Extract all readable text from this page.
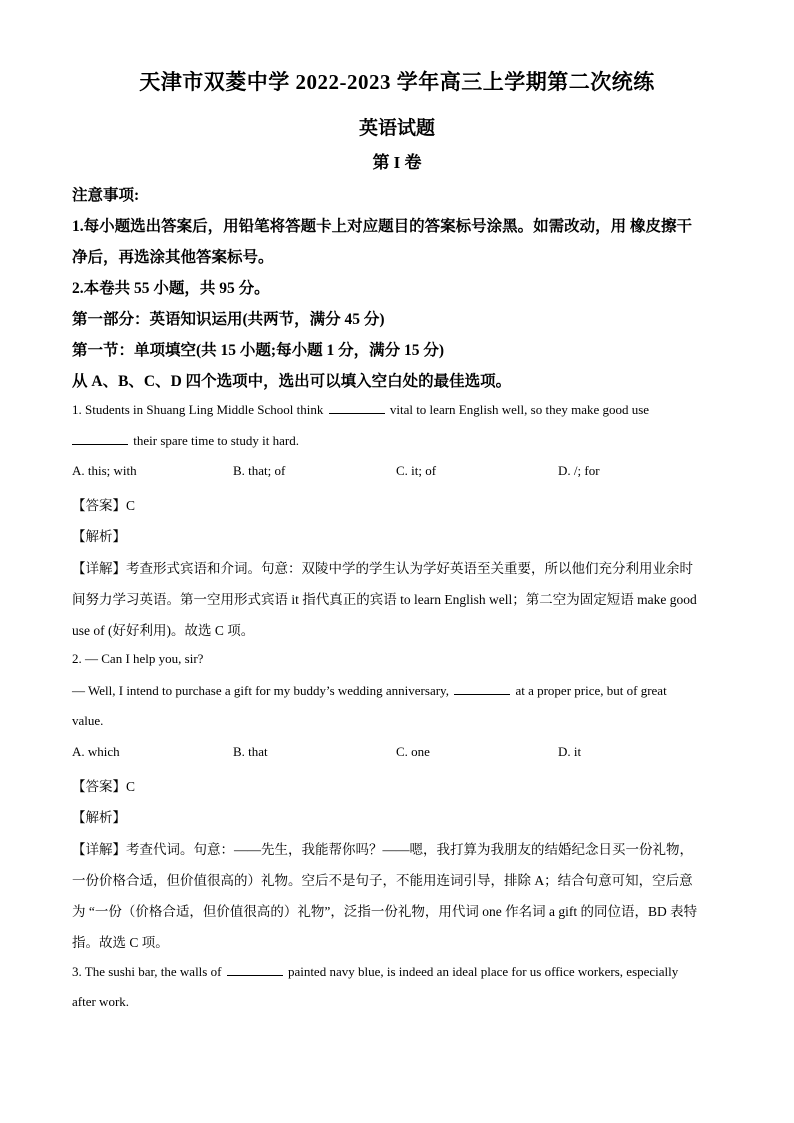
天津市双菱中学 2022-2023 学年高三上学期第二次统练
英语试题
第 I 卷
注意事项:
1.每小题选出答案后，用铅笔将答题卡上对应题目的答案标号涂黑。如需改动，用 橡皮擦干
净后，再选涂其他答案标号。
2.本卷共 55 小题，共 95 分。
第一部分：英语知识运用(共两节，满分 45 分)
第一节：单项填空(共 15 小题;每小题 1 分，满分 15 分)
从 A、B、C、D 四个选项中，选出可以填入空白处的最佳选项。
1. Students in Shuang Ling Middle School think	vital to learn English well, so they make good use
their spare time to study it hard.
A. this; with	B. that; of	C. it; of	D. /; for
【答案】C
【解析】
【详解】考查形式宾语和介词。句意：双陵中学的学生认为学好英语至关重要，所以他们充分利用业余时
间努力学习英语。第一空用形式宾语 it 指代真正的宾语 to learn English well；第二空为固定短语 make good
use of (好好利用)。故选 C 项。
2. — Can I help you, sir?
— Well, I intend to purchase a gift for my buddy’s wedding anniversary,	at a proper price, but of great
value.
A. which	B. that	C. one	D. it
【答案】C
【解析】
【详解】考查代词。句意：——先生，我能帮你吗？——嗯，我打算为我朋友的结婚纪念日买一份礼物，
一份价格合适，但价值很高的）礼物。空后不是句子，不能用连词引导，排除 A；结合句意可知，空后意
为 “一份（价格合适，但价值很高的）礼物”，泛指一份礼物，用代词 one 作名词 a gift 的同位语，BD 表特
指。故选 C 项。
3. The sushi bar, the walls of	painted navy blue, is indeed an ideal place for us office workers, especially
after work.
